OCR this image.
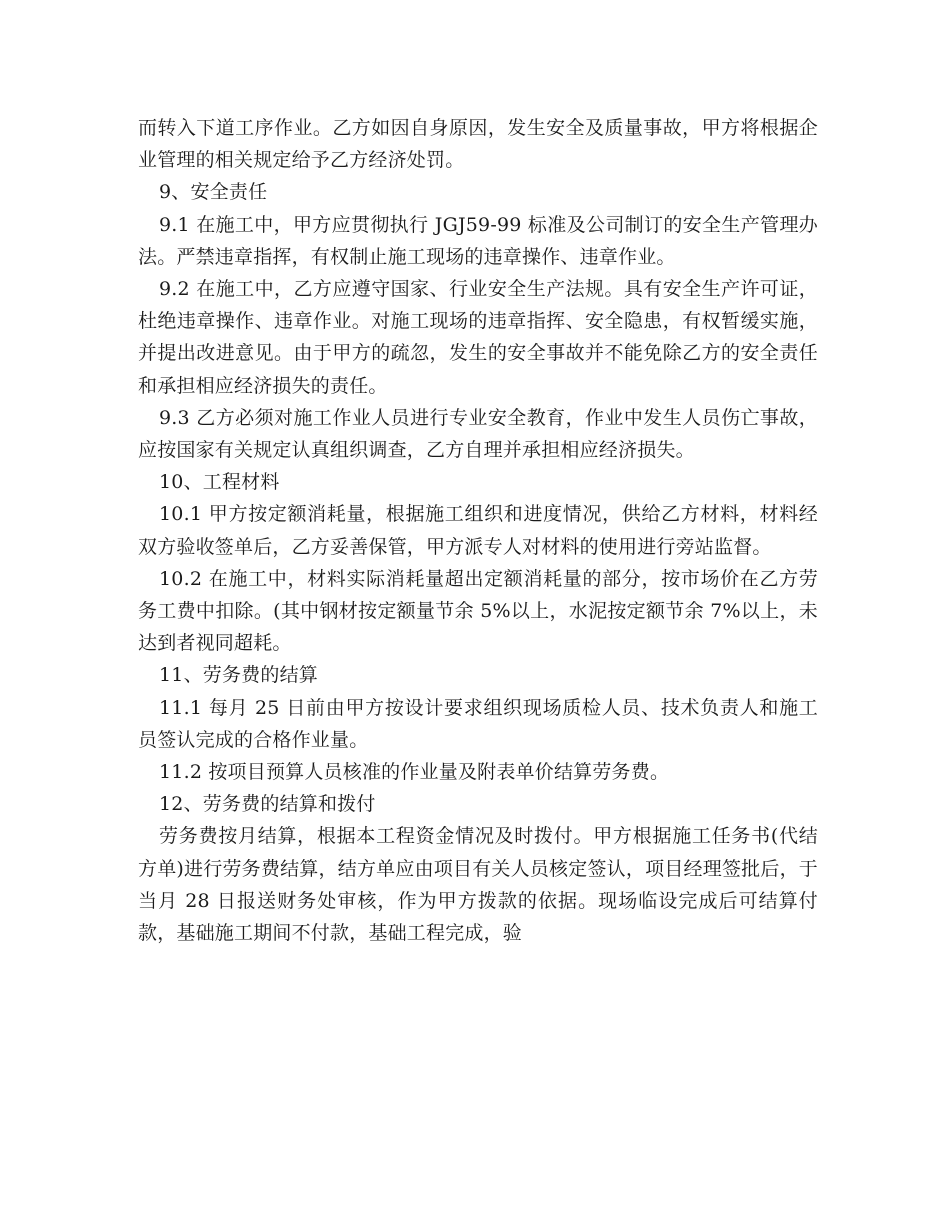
而转入下道工序作业。乙方如因自身原因，发生安全及质量事故，甲方将根据企业管理的相关规定给予乙方经济处罚。

9、安全责任

9.1 在施工中，甲方应贯彻执行 JGJ59-99 标准及公司制订的安全生产管理办法。严禁违章指挥，有权制止施工现场的违章操作、违章作业。

9.2 在施工中，乙方应遵守国家、行业安全生产法规。具有安全生产许可证，杜绝违章操作、违章作业。对施工现场的违章指挥、安全隐患，有权暂缓实施，并提出改进意见。由于甲方的疏忽，发生的安全事故并不能免除乙方的安全责任和承担相应经济损失的责任。

9.3 乙方必须对施工作业人员进行专业安全教育，作业中发生人员伤亡事故，应按国家有关规定认真组织调查，乙方自理并承担相应经济损失。

10、工程材料

10.1 甲方按定额消耗量，根据施工组织和进度情况，供给乙方材料，材料经双方验收签单后，乙方妥善保管，甲方派专人对材料的使用进行旁站监督。

10.2 在施工中，材料实际消耗量超出定额消耗量的部分，按市场价在乙方劳务工费中扣除。(其中钢材按定额量节余 5%以上，水泥按定额节余 7%以上，未达到者视同超耗。

11、劳务费的结算

11.1 每月 25 日前由甲方按设计要求组织现场质检人员、技术负责人和施工员签认完成的合格作业量。

11.2 按项目预算人员核准的作业量及附表单价结算劳务费。

12、劳务费的结算和拨付

劳务费按月结算，根据本工程资金情况及时拨付。甲方根据施工任务书(代结方单)进行劳务费结算，结方单应由项目有关人员核定签认，项目经理签批后，于当月 28 日报送财务处审核，作为甲方拨款的依据。现场临设完成后可结算付款，基础施工期间不付款，基础工程完成，验
